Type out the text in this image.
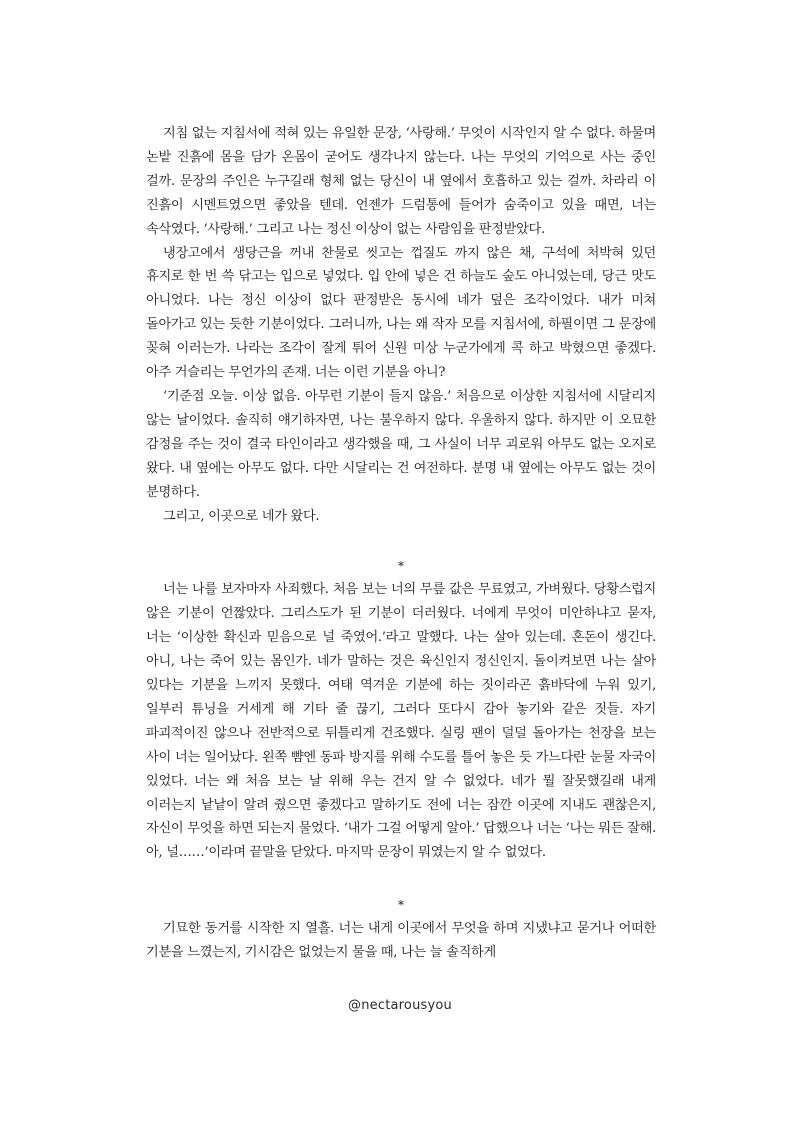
지침 없는 지침서에 적혀 있는 유일한 문장, ‘사랑해.’ 무엇이 시작인지 알 수 없다. 하물며 논밭 진흙에 몸을 담가 온몸이 굳어도 생각나지 않는다. 나는 무엇의 기억으로 사는 중인 걸까. 문장의 주인은 누구길래 형체 없는 당신이 내 옆에서 호흡하고 있는 걸까. 차라리 이 진흙이 시멘트였으면 좋았을 텐데. 언젠가 드럼통에 들어가 숨죽이고 있을 때면, 너는 속삭였다. ‘사랑해.’ 그리고 나는 정신 이상이 없는 사람임을 판정받았다.

냉장고에서 생당근을 꺼내 찬물로 씻고는 껍질도 까지 않은 채, 구석에 처박혀 있던 휴지로 한 번 쓱 닦고는 입으로 넣었다. 입 안에 넣은 건 하늘도 숲도 아니었는데, 당근 맛도 아니었다. 나는 정신 이상이 없다 판정받은 동시에 네가 덮은 조각이었다. 내가 미쳐 돌아가고 있는 듯한 기분이었다. 그러니까, 나는 왜 작자 모를 지침서에, 하필이면 그 문장에 꽂혀 이러는가. 나라는 조각이 잘게 튀어 신원 미상 누군가에게 콕 하고 박혔으면 좋겠다. 아주 거슬리는 무언가의 존재. 너는 이런 기분을 아니?

‘기준점 오늘. 이상 없음. 아무런 기분이 들지 않음.’ 처음으로 이상한 지침서에 시달리지 않는 날이었다. 솔직히 얘기하자면, 나는 불우하지 않다. 우울하지 않다. 하지만 이 오묘한 감정을 주는 것이 결국 타인이라고 생각했을 때, 그 사실이 너무 괴로워 아무도 없는 오지로 왔다. 내 옆에는 아무도 없다. 다만 시달리는 건 여전하다. 분명 내 옆에는 아무도 없는 것이 분명하다.

그리고, 이곳으로 네가 왔다.

*

너는 나를 보자마자 사죄했다. 처음 보는 너의 무릎 값은 무료였고, 가벼웠다. 당황스럽지 않은 기분이 언짢았다. 그리스도가 된 기분이 더러웠다. 너에게 무엇이 미안하냐고 묻자, 너는 ‘이상한 확신과 믿음으로 널 죽였어.’라고 말했다. 나는 살아 있는데. 혼돈이 생긴다. 아니, 나는 죽어 있는 몸인가. 네가 말하는 것은 육신인지 정신인지. 돌이켜보면 나는 살아 있다는 기분을 느끼지 못했다. 여태 역겨운 기분에 하는 짓이라곤 흙바닥에 누워 있기, 일부러 튜닝을 거세게 해 기타 줄 끊기, 그러다 또다시 감아 놓기와 같은 짓들. 자기 파괴적이진 않으나 전반적으로 뒤틀리게 건조했다. 실링 팬이 덜덜 돌아가는 천장을 보는 사이 너는 일어났다. 왼쪽 뺨엔 동파 방지를 위해 수도를 틀어 놓은 듯 가느다란 눈물 자국이 있었다. 너는 왜 처음 보는 날 위해 우는 건지 알 수 없었다. 네가 뭘 잘못했길래 내게 이러는지 낱낱이 알려 줬으면 좋겠다고 말하기도 전에 너는 잠깐 이곳에 지내도 괜찮은지, 자신이 무엇을 하면 되는지 물었다. ‘내가 그걸 어떻게 알아.’ 답했으나 너는 ‘나는 뭐든 잘해. 아, 널……’이라며 끝말을 닫았다. 마지막 문장이 뭐였는지 알 수 없었다.

*

기묘한 동거를 시작한 지 열흘. 너는 내게 이곳에서 무엇을 하며 지냈냐고 묻거나 어떠한 기분을 느꼈는지, 기시감은 없었는지 물을 때, 나는 늘 솔직하게

@nectarousyou
